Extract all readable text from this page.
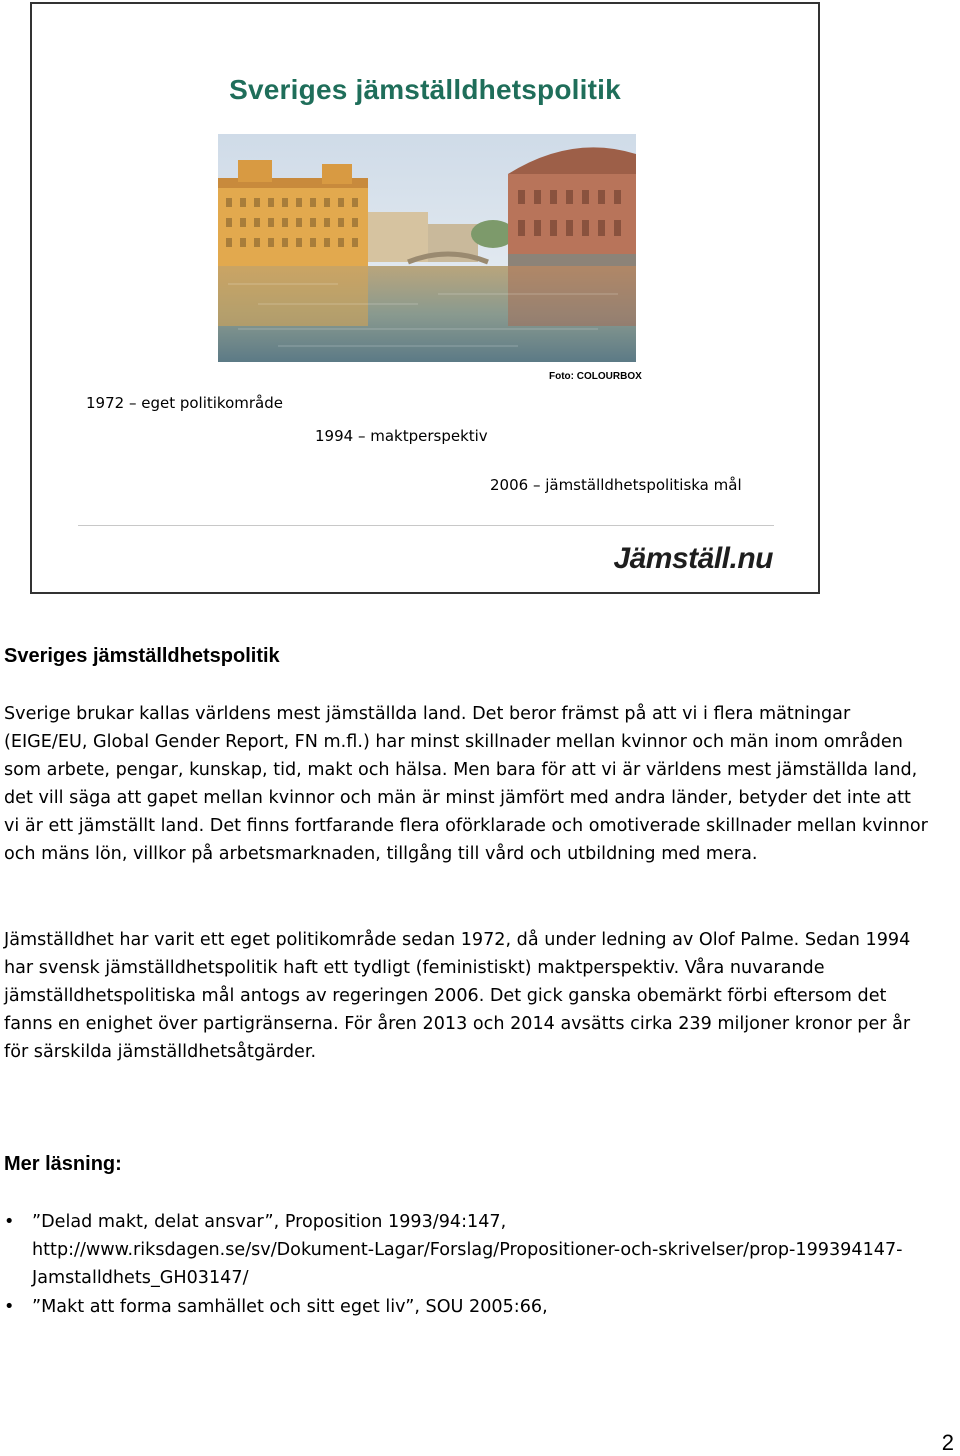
Sveriges jämställdhetspolitik
Foto: COLOURBOX
1972 – eget politikområde
1994 – maktperspektiv
2006 – jämställdhetspolitiska mål
Jämställ.nu
Sveriges jämställdhetspolitik

Sverige brukar kallas världens mest jämställda land. Det beror främst på att vi i flera mätningar (EIGE/EU, Global Gender Report, FN m.fl.) har minst skillnader mellan kvinnor och män inom områden som arbete, pengar, kunskap, tid, makt och hälsa. Men bara för att vi är världens mest jämställda land, det vill säga att gapet mellan kvinnor och män är minst jämfört med andra länder, betyder det inte att vi är ett jämställt land. Det finns fortfarande flera oförklarade och omotiverade skillnader mellan kvinnor och mäns lön, villkor på arbetsmarknaden, tillgång till vård och utbildning med mera.

Jämställdhet har varit ett eget politikområde sedan 1972, då under ledning av Olof Palme. Sedan 1994 har svensk jämställdhetspolitik haft ett tydligt (feministiskt) maktperspektiv. Våra nuvarande jämställdhetspolitiska mål antogs av regeringen 2006. Det gick ganska obemärkt förbi eftersom det fanns en enighet över partigränserna. För åren 2013 och 2014 avsätts cirka 239 miljoner kronor per år för särskilda jämställdhetsåtgärder.

Mer läsning:
• ”Delad makt, delat ansvar”, Proposition 1993/94:147,
http://www.riksdagen.se/sv/Dokument-Lagar/Forslag/Propositioner-och-skrivelser/prop-199394147-Jamstalldhets_GH03147/
• ”Makt att forma samhället och sitt eget liv”, SOU 2005:66,
2
